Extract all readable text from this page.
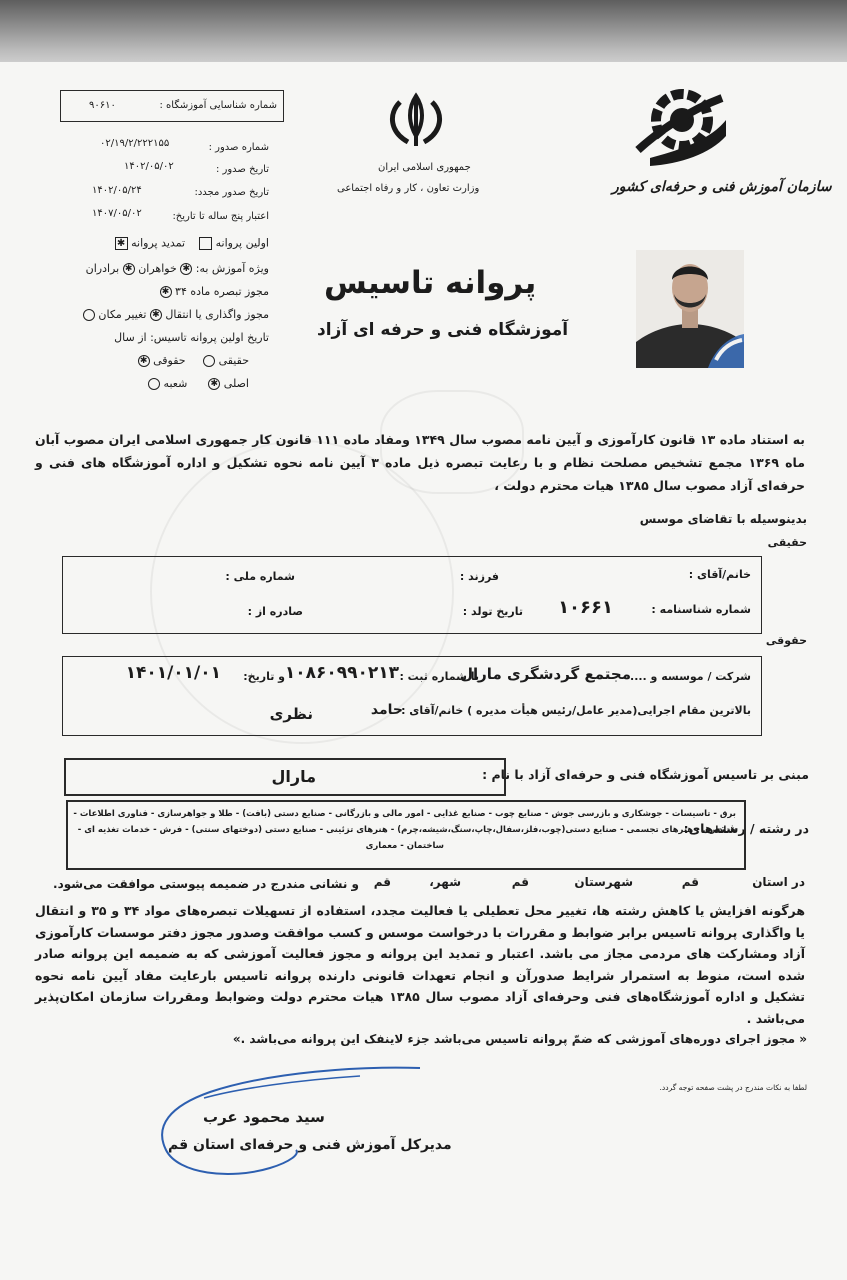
شماره شناسایی آموزشگاه :
۹۰۶۱۰
شماره صدور :
۰۲/۱۹/۲/۲۲۲۱۵۵
تاریخ صدور :
۱۴۰۲/۰۵/۰۲
تاریخ صدور مجدد:
۱۴۰۲/۰۵/۲۴
اعتبار پنج ساله تا تاریخ:
۱۴۰۷/۰۵/۰۲
اولین پروانه     تمدید پروانه ✱
ویژه آموزش به: ✱ خواهران ✱ برادران
مجوز تبصره ماده ۳۴ ✱
مجوز واگذاری یا انتقال ✱ تغییر مکان
تاریخ اولین پروانه تاسیس: از سال
حقیقی      حقوقی ✱
اصلی ✱      شعبه
جمهوری اسلامی ایران
وزارت تعاون ، کار و رفاه اجتماعی	سازمان آموزش فنی و حرفه‌ای کشور
پروانه تاسیس
آموزشگاه فنی و حرفه ای آزاد
به استناد ماده ۱۳ قانون کارآموزی و آیین نامه مصوب سال ۱۳۴۹ ومفاد ماده ۱۱۱ قانون کار جمهوری اسلامی ایران مصوب آبان ماه ۱۳۶۹ مجمع تشخیص مصلحت نظام و با رعایت تبصره ذیل ماده ۳ آیین نامه نحوه تشکیل و اداره آموزشگاه های فنی و حرفه‌ای آزاد مصوب سال ۱۳۸۵ هیات محترم دولت ،
بدینوسیله با تقاضای موسس
حقیقی
خانم/آقای :
فرزند :
شماره ملی :
شماره شناسنامه :
۱۰۶۶۱
تاریخ تولد :
صادره از :
حقوقی
شرکت / موسسه و ....
مجتمع گردشگری مارال
با شماره ثبت :
۱۰۸۶۰۹۹۰۲۱۳
و تاریخ:
۱۴۰۱/۰۱/۰۱
بالاترین مقام اجرایی(مدیر عامل/رئیس هیأت مدیره ) خانم/آقای :
حامد
نظری
مبنی بر تاسیس آموزشگاه فنی و حرفه‌ای آزاد با نام :
مارال
در رشته / رشته‌های:
برق - تاسیسات - جوشکاری و بازرسی جوش - صنایع چوب - صنایع غذایی - امور مالی و بازرگانی - صنایع دستی (بافت) - طلا و جواهرسازی - فناوری اطلاعات -
هتلداری - هنرهای تجسمی - صنایع دستی(چوب،فلز،سفال،چاپ،سنگ،شیشه،چرم) - هنرهای تزئینی - صنایع دستی (دوختهای سنتی) - فرش - خدمات تغذیه ای -
ساختمان - معماری
در استان
قم
شهرستان
قم
شهر،
قم
و نشانی مندرج در ضمیمه پیوستی موافقت می‌شود.
هرگونه افزایش یا کاهش رشته ها، تغییر محل تعطیلی یا فعالیت مجدد، استفاده از تسهیلات تبصره‌های مواد ۳۴ و ۳۵ و انتقال یا واگذاری پروانه تاسیس برابر ضوابط و مقررات با درخواست موسس و کسب موافقت وصدور مجوز دفتر موسسات کارآموزی آزاد ومشارکت های مردمی مجاز می باشد. اعتبار و تمدید این پروانه و مجوز فعالیت آموزشی که به ضمیمه این پروانه صادر شده است، منوط به استمرار شرایط صدورآن و انجام تعهدات قانونی دارنده پروانه تاسیس بارعایت مفاد آیین نامه نحوه تشکیل و اداره آموزشگاه‌های فنی وحرفه‌ای آزاد مصوب سال ۱۳۸۵ هیات محترم دولت وضوابط ومقررات سازمان امکان‌پذیر می‌باشد .
« مجوز اجرای دوره‌های آموزشی که ضمّ پروانه تاسیس می‌باشد جزء لاینفک این پروانه می‌باشد .»
لطفا به نکات مندرج در پشت صفحه توجه گردد.
سید محمود عرب
مدیرکل آموزش فنی و حرفه‌ای استان قم
